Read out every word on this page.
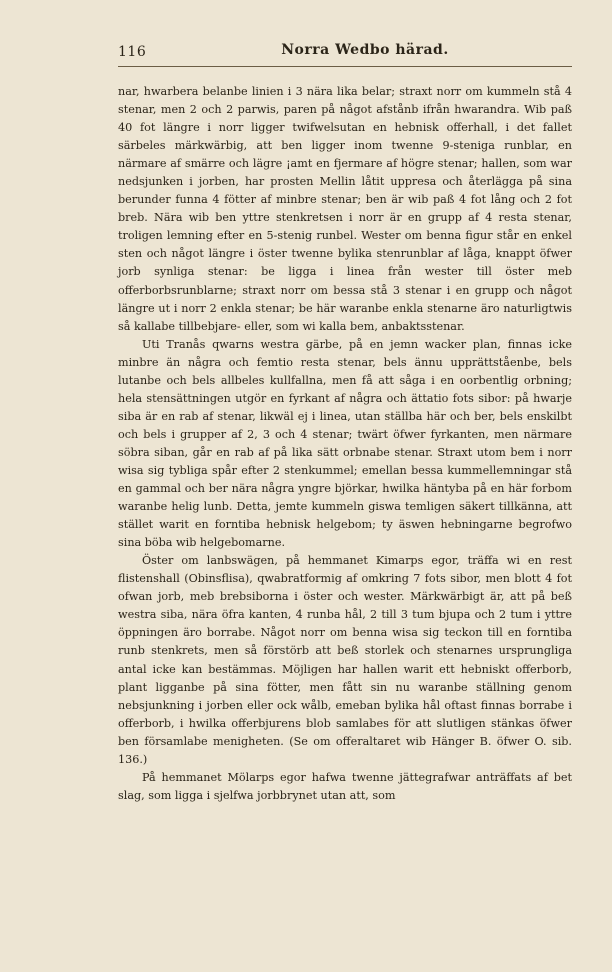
116	Norra Wedbo härad.

nar, hwarbera belanbe linien i 3 nära lika belar; straxt norr om kummeln stå 4 stenar, men 2 och 2 parwis, paren på något afstånb ifrån hwarandra. Wib paß 40 fot längre i norr ligger twifwelsutan en hebnisk offerhall, i det fallet särbeles märkwärbig, att ben ligger inom twenne 9-steniga runblar, en närmare af smärre och lägre ¡amt en fjermare af högre stenar; hallen, som war nedsjunken i jorben, har prosten Mellin låtit uppresa och återlägga på sina berunder funna 4 fötter af minbre stenar; ben är wib paß 4 fot lång och 2 fot breb. Nära wib ben yttre stenkretsen i norr är en grupp af 4 resta stenar, troligen lemning efter en 5-stenig runbel. Wester om benna figur står en enkel sten och något längre i öster twenne bylika stenrunblar af låga, knappt öfwer jorb synliga stenar: be ligga i linea från wester till öster meb offerborbsrunblarne; straxt norr om bessa stå 3 stenar i en grupp och något längre ut i norr 2 enkla stenar; be här waranbe enkla stenarne äro naturligtwis så kallabe tillbebjare- eller, som wi kalla bem, anbaktsstenar.

Uti Tranås qwarns westra gärbe, på en jemn wacker plan, finnas icke minbre än några och femtio resta stenar, bels ännu upprättståenbe, bels lutanbe och bels allbeles kullfallna, men få att såga i en oorbentlig orbning; hela stensättningen utgör en fyrkant af några och ättatio fots sibor: på hwarje siba är en rab af stenar, likwäl ej i linea, utan ställba här och ber, bels enskilbt och bels i grupper af 2, 3 och 4 stenar; twärt öfwer fyrkanten, men närmare söbra siban, går en rab af på lika sätt orbnabe stenar. Straxt utom bem i norr wisa sig tybliga spår efter 2 stenkummel; emellan bessa kummellemningar stå en gammal och ber nära några yngre björkar, hwilka häntyba på en här forbom waranbe helig lunb. Detta, jemte kummeln giswa temligen säkert tillkänna, att stället warit en forntiba hebnisk helgebom; ty äswen hebningarne begrofwo sina böba wib helgebomarne.

Öster om lanbswägen, på hemmanet Kimarps egor, träffa wi en rest flistenshall (Obinsflisa), qwabratformig af omkring 7 fots sibor, men blott 4 fot ofwan jorb, meb brebsiborna i öster och wester. Märkwärbigt är, att på beß westra siba, nära öfra kanten, 4 runba hål, 2 till 3 tum bjupa och 2 tum i yttre öppningen äro borrabe. Något norr om benna wisa sig teckon till en forntiba runb stenkrets, men så förstörb att beß storlek och stenarnes ursprungliga antal icke kan bestämmas. Möjligen har hallen warit ett hebniskt offerborb, plant ligganbe på sina fötter, men fått sin nu waranbe ställning genom nebsjunkning i jorben eller ock wålb, emeban bylika hål oftast finnas borrabe i offerborb, i hwilka offerbjurens blob samlabes för att slutligen stänkas öfwer ben församlabe menigheten. (Se om offeraltaret wib Hänger B. öfwer O. sib. 136.)

På hemmanet Mölarps egor hafwa twenne jättegrafwar anträffats af bet slag, som ligga i sjelfwa jorbbrynet utan att, som
